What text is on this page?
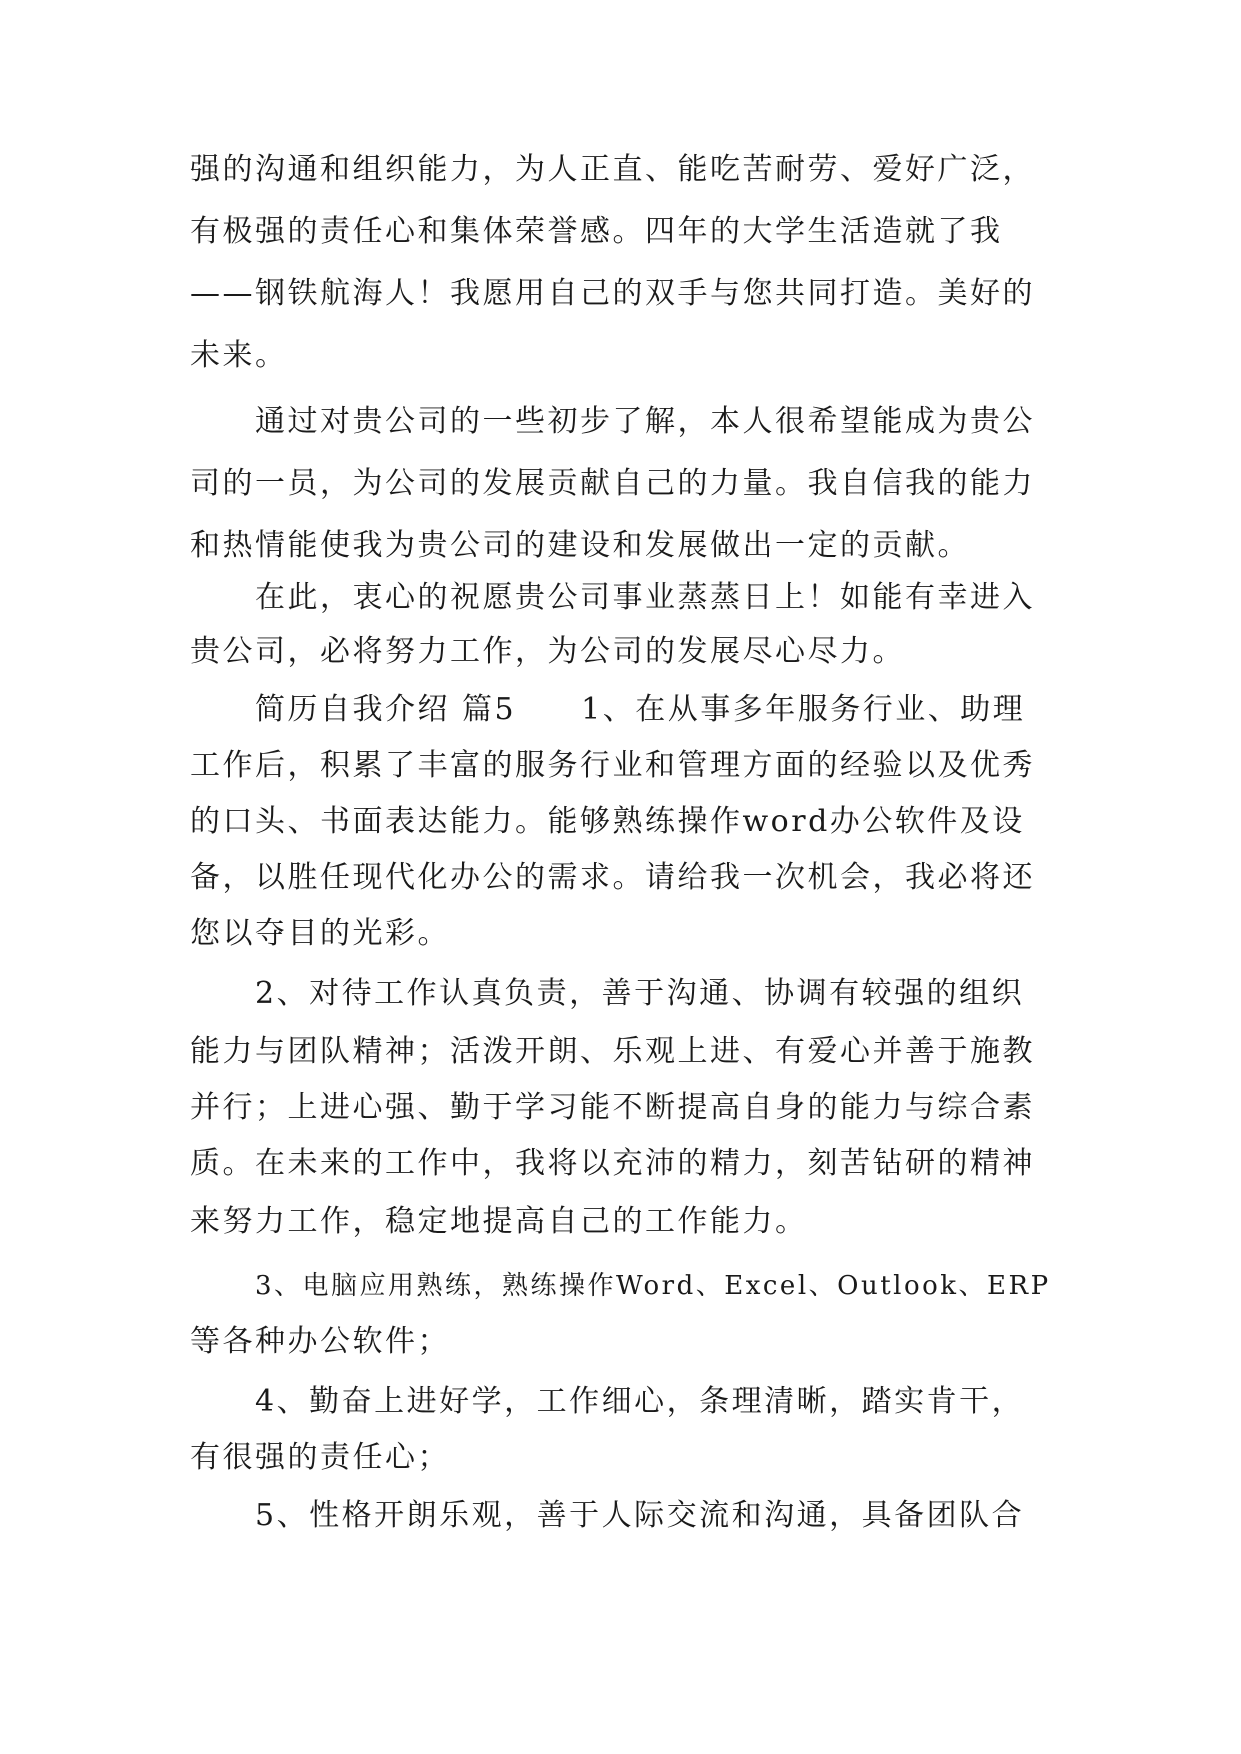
强的沟通和组织能力，为人正直、能吃苦耐劳、爱好广泛，
有极强的责任心和集体荣誉感。四年的大学生活造就了我
——钢铁航海人！我愿用自己的双手与您共同打造。美好的
未来。
通过对贵公司的一些初步了解，本人很希望能成为贵公
司的一员，为公司的发展贡献自己的力量。我自信我的能力
和热情能使我为贵公司的建设和发展做出一定的贡献。
在此，衷心的祝愿贵公司事业蒸蒸日上！如能有幸进入
贵公司，必将努力工作，为公司的发展尽心尽力。
简历自我介绍 篇5　　1、在从事多年服务行业、助理
工作后，积累了丰富的服务行业和管理方面的经验以及优秀
的口头、书面表达能力。能够熟练操作word办公软件及设
备，以胜任现代化办公的需求。请给我一次机会，我必将还
您以夺目的光彩。
2、对待工作认真负责，善于沟通、协调有较强的组织
能力与团队精神；活泼开朗、乐观上进、有爱心并善于施教
并行；上进心强、勤于学习能不断提高自身的能力与综合素
质。在未来的工作中，我将以充沛的精力，刻苦钻研的精神
来努力工作，稳定地提高自己的工作能力。
3、电脑应用熟练，熟练操作Word、Excel、Outlook、ERP
等各种办公软件；
4、勤奋上进好学，工作细心，条理清晰，踏实肯干，
有很强的责任心；
5、性格开朗乐观，善于人际交流和沟通，具备团队合
